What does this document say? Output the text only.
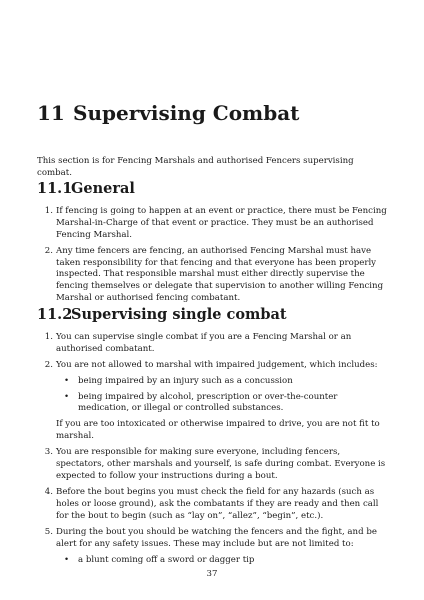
11 Supervising Combat

This section is for Fencing Marshals and authorised Fencers supervising combat.

11.1General
1. If fencing is going to happen at an event or practice, there must be Fencing Marshal-in-Charge of that event or practice. They must be an authorised Fencing Marshal.
2. Any time fencers are fencing, an authorised Fencing Marshal must have taken responsibility for that fencing and that everyone has been properly inspected. That responsible marshal must either directly supervise the fencing themselves or delegate that supervision to another willing Fencing Marshal or authorised fencing combatant.
11.2Supervising single combat
1. You can supervise single combat if you are a Fencing Marshal or an authorised combatant.
2. You are not allowed to marshal with impaired judgement, which includes:
• being impaired by an injury such as a concussion
• being impaired by alcohol, prescription or over-the-counter medication, or illegal or controlled substances.

If you are too intoxicated or otherwise impaired to drive, you are not fit to marshal.

3. You are responsible for making sure everyone, including fencers, spectators, other marshals and yourself, is safe during combat. Everyone is expected to follow your instructions during a bout.
4. Before the bout begins you must check the field for any hazards (such as holes or loose ground), ask the combatants if they are ready and then call for the bout to begin (such as “lay on”, “allez”, “begin”, etc.).
5. During the bout you should be watching the fencers and the fight, and be alert for any safety issues. These may include but are not limited to:
• a blunt coming off a sword or dagger tip
37
